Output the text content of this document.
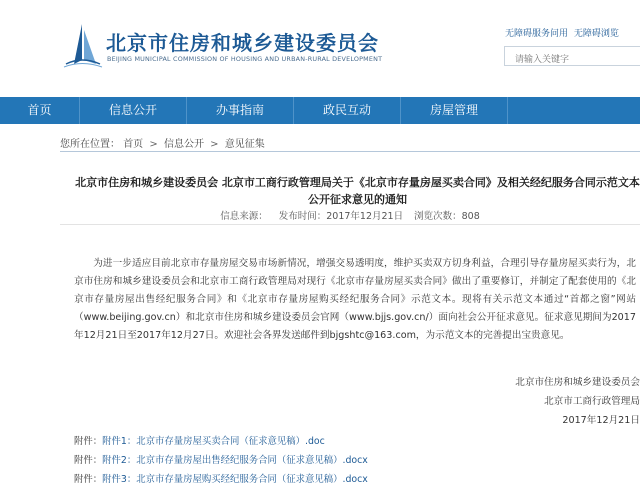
北京市住房和城乡建设委员会
BEIJING MUNICIPAL COMMISSION OF HOUSING AND URBAN-RURAL DEVELOPMENT
无障碍服务问用 无障碍浏览
请输入关键字
首页	信息公开	办事指南	政民互动	房屋管理
您所在位置： 首页 > 信息公开 > 意见征集
北京市住房和城乡建设委员会 北京市工商行政管理局关于《北京市存量房屋买卖合同》及相关经纪服务合同示范文本公开征求意见的通知
信息来源： 发布时间：2017年12月21日 浏览次数：808

为进一步适应目前北京市存量房屋交易市场新情况，增强交易透明度，维护买卖双方切身利益，合理引导存量房屋买卖行为，北京市住房和城乡建设委员会和北京市工商行政管理局对现行《北京市存量房屋买卖合同》做出了重要修订，并制定了配套使用的《北京市存量房屋出售经纪服务合同》和《北京市存量房屋购买经纪服务合同》示范文本。现将有关示范文本通过“首都之窗”网站（www.beijing.gov.cn）和北京市住房和城乡建设委员会官网（www.bjjs.gov.cn/）面向社会公开征求意见。征求意见期间为2017年12月21日至2017年12月27日。欢迎社会各界发送邮件到bjgshtc@163.com，为示范文本的完善提出宝贵意见。

北京市住房和城乡建设委员会
北京市工商行政管理局
2017年12月21日
附件：附件1：北京市存量房屋买卖合同（征求意见稿）.doc
附件：附件2：北京市存量房屋出售经纪服务合同（征求意见稿）.docx
附件：附件3：北京市存量房屋购买经纪服务合同（征求意见稿）.docx
